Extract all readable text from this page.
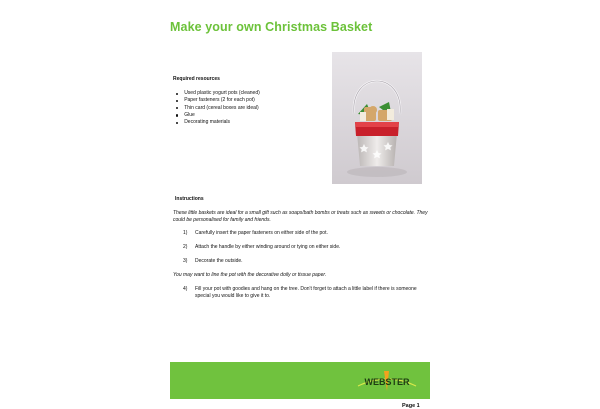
Make your own Christmas Basket
Required resources
Used plastic yogurt pots (cleaned)
Paper fasteners (2 for each pot)
Thin card (cereal boxes are ideal)
Glue
Decorating materials
Instructions
These little baskets are ideal for a small gift such as soaps/bath bombs or treats such as sweets or chocolate. They could be personalised for family and friends.
1)	Carefully insert the paper fasteners on either side of the pot.
2)	Attach the handle by either winding around or tying on either side.
3)	Decorate the outside.
You may want to line the pot with the decorative doily or tissue paper.
4)	Fill your pot with goodies and hang on the tree. Don't forget to attach a little label if there is someone special you would like to give it to.
WEBSTER
Page 1
